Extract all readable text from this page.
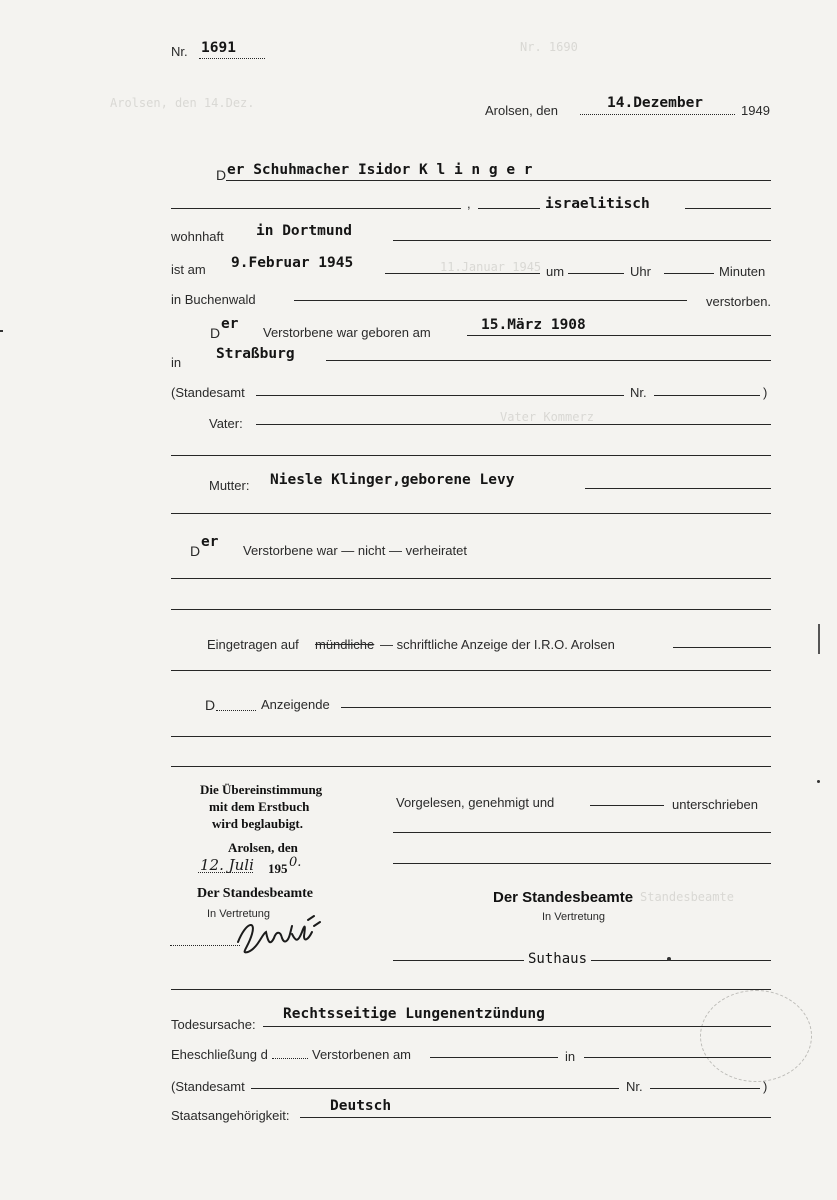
Arolsen, den 14.Dez.
Nr. 1690
11.Januar 1945
Vater Kommerz
Standesbeamte
Nr. 1691
Arolsen, den	14.Dezember	1949
D er Schuhmacher Isidor K l i n g e r
,	israelitisch
wohnhaft in Dortmund
ist am 9.Februar 1945
um	Uhr	Minuten
in Buchenwald	verstorben.
D
er
Verstorbene war geboren am	15.März 1908
in
Straßburg
(Standesamt	Nr.	)
Vater:
Mutter: Niesle Klinger,geborene Levy
D
er
Verstorbene war — nicht — verheiratet
Eingetragen auf mündliche — schriftliche Anzeige der I.R.O. Arolsen
D	Anzeigende
Die Übereinstimmung
mit dem Erstbuch
wird beglaubigt.
Arolsen, den
12. Juli 195 0.
Der Standesbeamte
In Vertretung
Vorgelesen, genehmigt und	unterschrieben
Der Standesbeamte
In Vertretung
Suthaus
Todesursache:
Rechtsseitige Lungenentzündung
Eheschließung d	Verstorbenen am	in
(Standesamt	Nr.	)
Staatsangehörigkeit:
Deutsch
